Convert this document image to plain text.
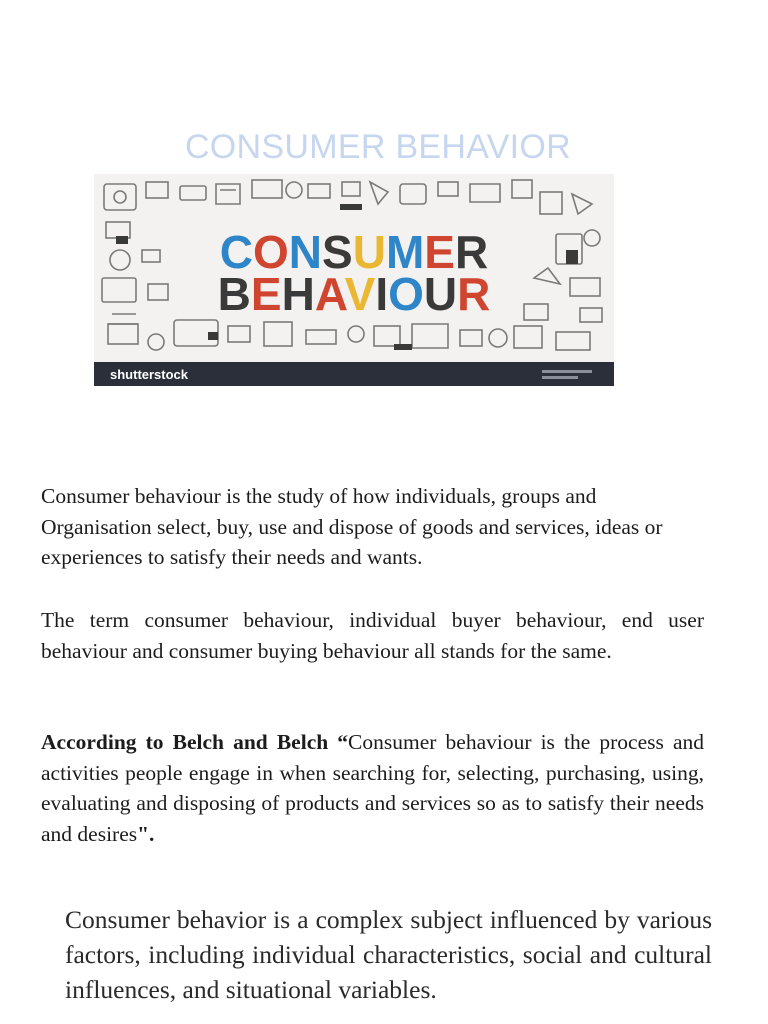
CONSUMER BEHAVIOR
CONSUMER
BEHAVIOUR
shutterstock

Consumer behaviour is the study of how individuals, groups and Organisation select, buy, use and dispose of goods and services, ideas or experiences to satisfy their needs and wants.

The term consumer behaviour, individual buyer behaviour, end user behaviour and consumer buying behaviour all stands for the same.

According to Belch and Belch “Consumer behaviour is the process and activities people engage in when searching for, selecting, purchasing, using, evaluating and disposing of products and services so as to satisfy their needs and desires".

Consumer behavior is a complex subject influenced by various factors, including individual characteristics, social and cultural influences, and situational variables.
